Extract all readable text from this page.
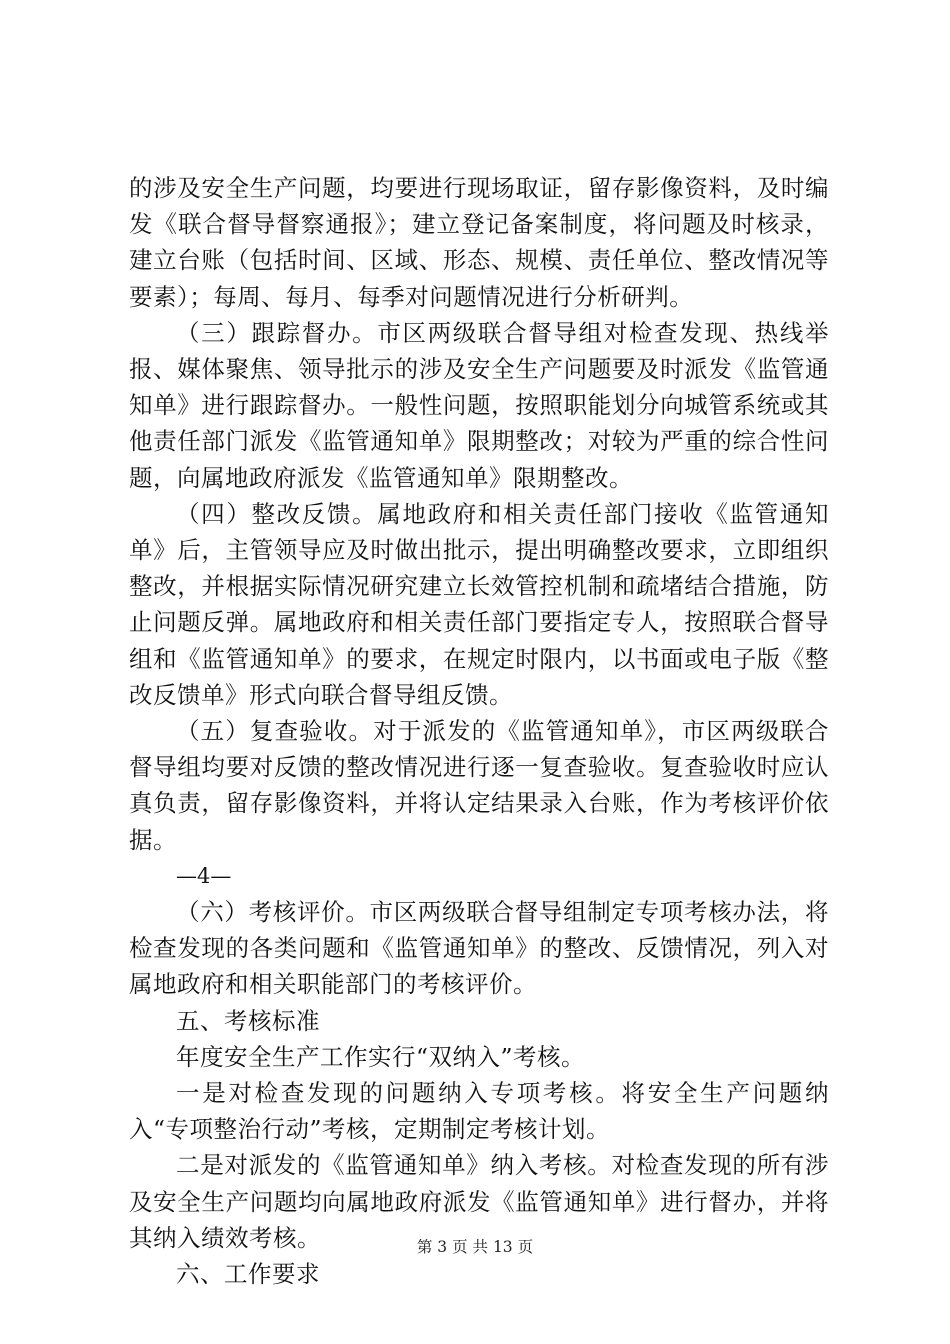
的涉及安全生产问题，均要进行现场取证，留存影像资料，及时编发《联合督导督察通报》；建立登记备案制度，将问题及时核录，建立台账（包括时间、区域、形态、规模、责任单位、整改情况等要素）；每周、每月、每季对问题情况进行分析研判。

（三）跟踪督办。市区两级联合督导组对检查发现、热线举报、媒体聚焦、领导批示的涉及安全生产问题要及时派发《监管通知单》进行跟踪督办。一般性问题，按照职能划分向城管系统或其他责任部门派发《监管通知单》限期整改；对较为严重的综合性问题，向属地政府派发《监管通知单》限期整改。

（四）整改反馈。属地政府和相关责任部门接收《监管通知单》后，主管领导应及时做出批示，提出明确整改要求，立即组织整改，并根据实际情况研究建立长效管控机制和疏堵结合措施，防止问题反弹。属地政府和相关责任部门要指定专人，按照联合督导组和《监管通知单》的要求，在规定时限内，以书面或电子版《整改反馈单》形式向联合督导组反馈。

（五）复查验收。对于派发的《监管通知单》，市区两级联合督导组均要对反馈的整改情况进行逐一复查验收。复查验收时应认真负责，留存影像资料，并将认定结果录入台账，作为考核评价依据。

—4—

（六）考核评价。市区两级联合督导组制定专项考核办法，将检查发现的各类问题和《监管通知单》的整改、反馈情况，列入对属地政府和相关职能部门的考核评价。

五、考核标准

年度安全生产工作实行“双纳入”考核。

一是对检查发现的问题纳入专项考核。将安全生产问题纳入“专项整治行动”考核，定期制定考核计划。

二是对派发的《监管通知单》纳入考核。对检查发现的所有涉及安全生产问题均向属地政府派发《监管通知单》进行督办，并将其纳入绩效考核。

六、工作要求

第 3 页 共 13 页
